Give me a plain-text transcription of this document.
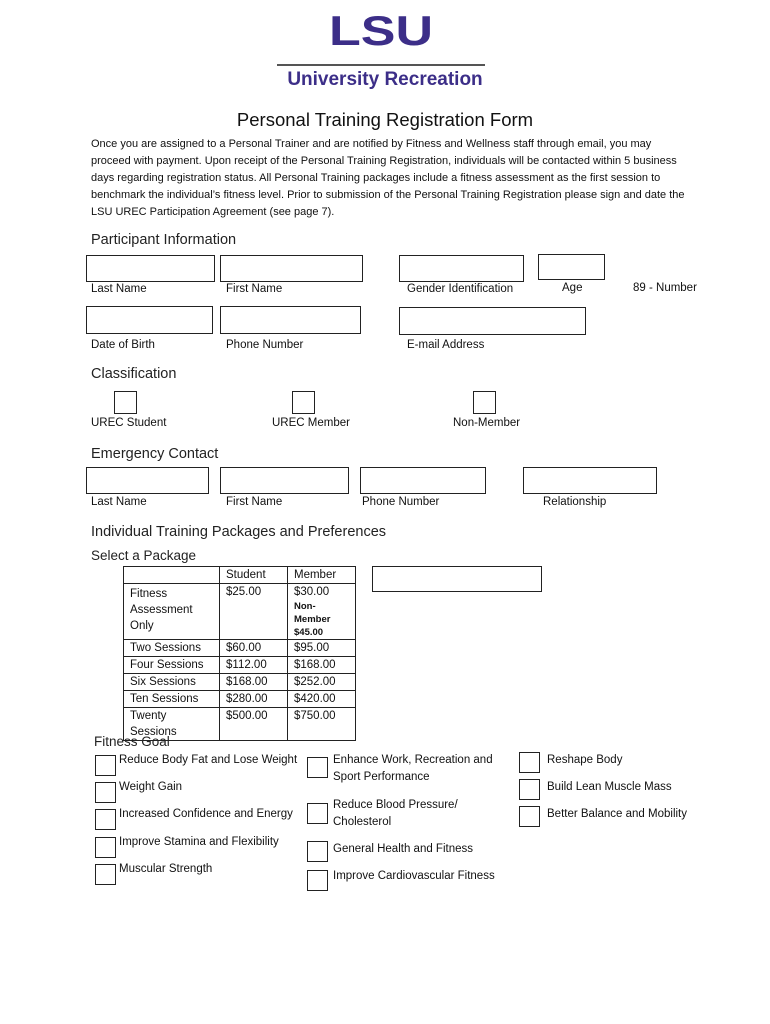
LSU
University Recreation
Personal Training Registration Form
Once you are assigned to a Personal Trainer and are notified by Fitness and Wellness staff through email, you may proceed with payment. Upon receipt of the Personal Training Registration, individuals will be contacted within 5 business days regarding registration status. All Personal Training packages include a fitness assessment as the first session to benchmark the individual’s fitness level. Prior to submission of the Personal Training Registration please sign and date the LSU UREC Participation Agreement (see page 7).
Participant Information
Last Name	First Name	Gender Identification	Age	89 - Number
Date of Birth	Phone Number	E-mail Address
Classification
UREC Student	UREC Member	Non-Member
Emergency Contact
Last Name	First Name	Phone Number	Relationship
Individual Training Packages and Preferences
Select a Package
	Student	Member

Fitness Assessment Only	$25.00	$30.00
Non-Member
$45.00

Two Sessions	$60.00	$95.00
Four Sessions	$112.00	$168.00
Six Sessions	$168.00	$252.00
Ten Sessions	$280.00	$420.00

Twenty Sessions	$500.00	$750.00
Fitness Goal
Reduce Body Fat and Lose Weight
Weight Gain
Increased Confidence and Energy
Improve Stamina and Flexibility
Muscular Strength
Enhance Work, Recreation and Sport Performance
Reduce Blood Pressure/ Cholesterol
General Health and Fitness
Improve Cardiovascular Fitness
Reshape Body
Build Lean Muscle Mass
Better Balance and Mobility
